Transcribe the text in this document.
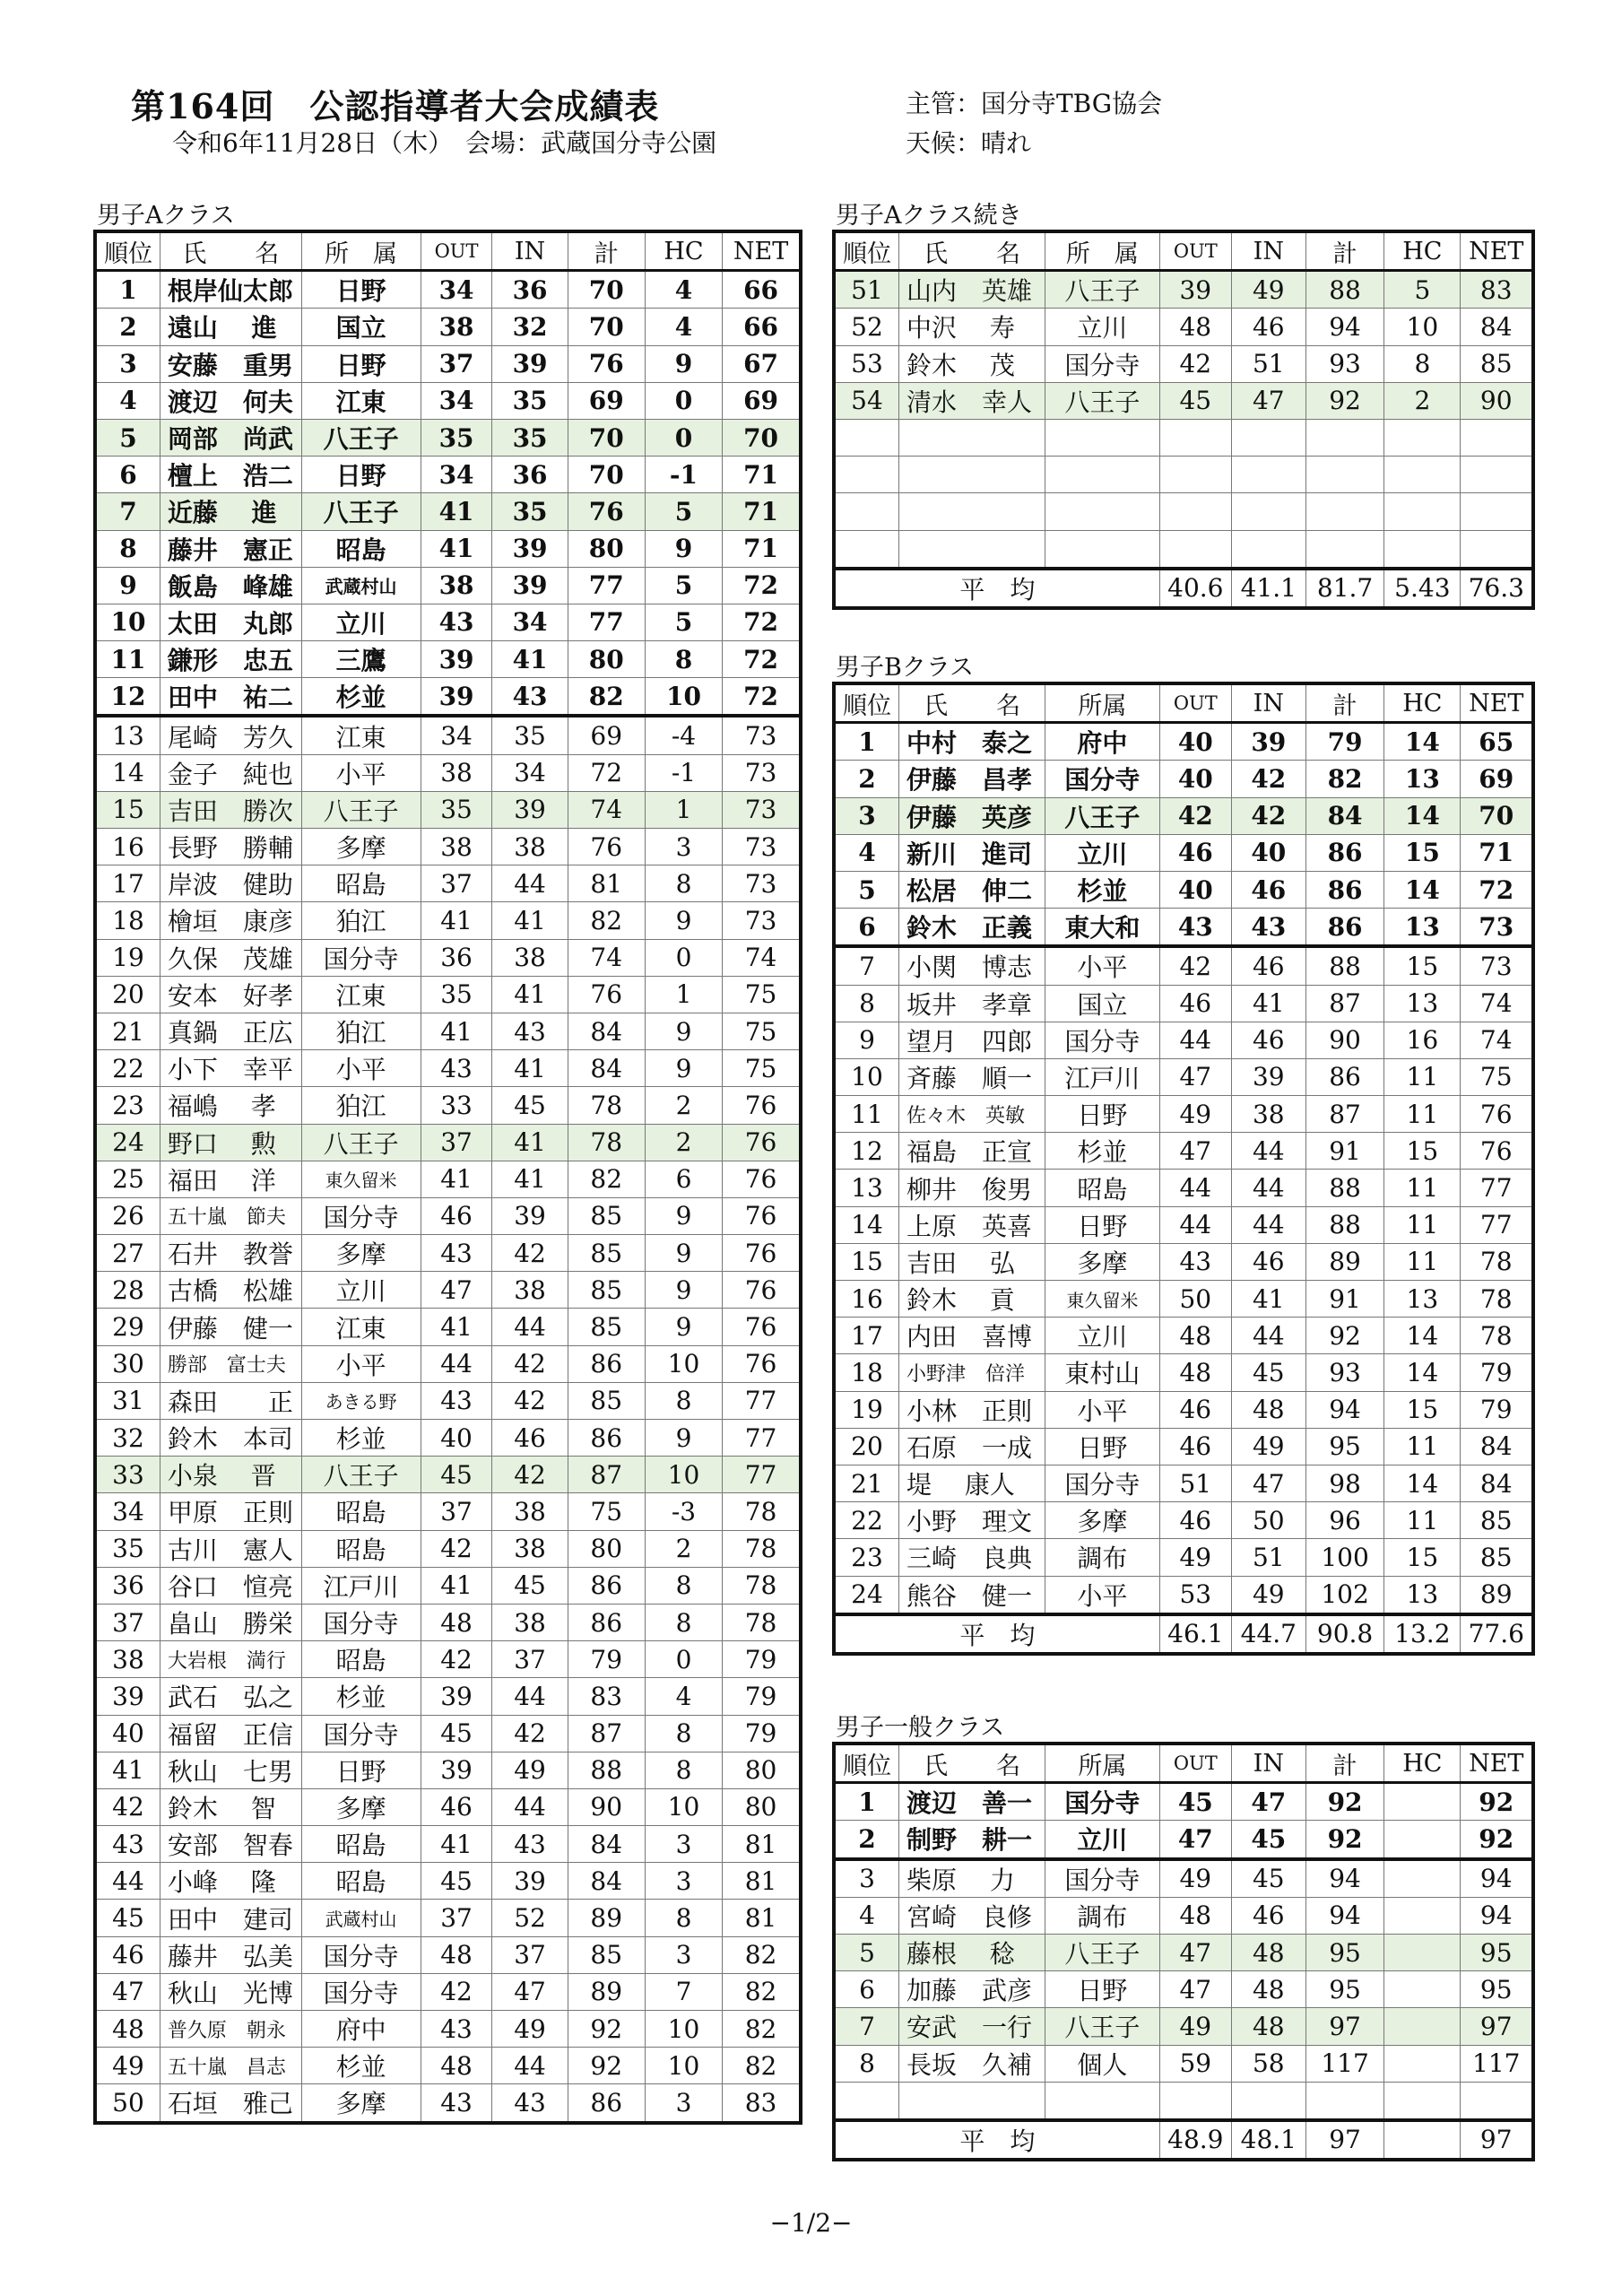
第164回　公認指導者大会成績表
令和6年11月28日（木）　会場：武蔵国分寺公園
主管：国分寺TBG協会
天候：晴れ
男子Aクラス
順位	氏　　名	所　属	OUT	IN	計	HC	NET
1	根岸仙太郎	日野	34	36	70	4	66
2	遠山　 進	国立	38	32	70	4	66
3	安藤　重男	日野	37	39	76	9	67
4	渡辺　何夫	江東	34	35	69	0	69
5	岡部　尚武	八王子	35	35	70	0	70
6	檀上　浩二	日野	34	36	70	-1	71
7	近藤　 進	八王子	41	35	76	5	71
8	藤井　憲正	昭島	41	39	80	9	71
9	飯島　峰雄	武蔵村山	38	39	77	5	72
10	太田　丸郎	立川	43	34	77	5	72
11	鎌形　忠五	三鷹	39	41	80	8	72
12	田中　祐二	杉並	39	43	82	10	72
13	尾崎　芳久	江東	34	35	69	-4	73
14	金子　純也	小平	38	34	72	-1	73
15	吉田　勝次	八王子	35	39	74	1	73
16	長野　勝輔	多摩	38	38	76	3	73
17	岸波　健助	昭島	37	44	81	8	73
18	檜垣　康彦	狛江	41	41	82	9	73
19	久保　茂雄	国分寺	36	38	74	0	74
20	安本　好孝	江東	35	41	76	1	75
21	真鍋　正広	狛江	41	43	84	9	75
22	小下　幸平	小平	43	41	84	9	75
23	福嶋　 孝	狛江	33	45	78	2	76
24	野口　 勲	八王子	37	41	78	2	76
25	福田　 洋	東久留米	41	41	82	6	76
26	五十嵐　節夫	国分寺	46	39	85	9	76
27	石井　教誉	多摩	43	42	85	9	76
28	古橋　松雄	立川	47	38	85	9	76
29	伊藤　健一	江東	41	44	85	9	76
30	勝部　富士夫	小平	44	42	86	10	76
31	森田　　正	あきる野	43	42	85	8	77
32	鈴木　本司	杉並	40	46	86	9	77
33	小泉　 晋	八王子	45	42	87	10	77
34	甲原　正則	昭島	37	38	75	-3	78
35	古川　憲人	昭島	42	38	80	2	78
36	谷口　愃亮	江戸川	41	45	86	8	78
37	畠山　勝栄	国分寺	48	38	86	8	78
38	大岩根　満行	昭島	42	37	79	0	79
39	武石　弘之	杉並	39	44	83	4	79
40	福留　正信	国分寺	45	42	87	8	79
41	秋山　七男	日野	39	49	88	8	80
42	鈴木　 智	多摩	46	44	90	10	80
43	安部　智春	昭島	41	43	84	3	81
44	小峰　 隆	昭島	45	39	84	3	81
45	田中　建司	武蔵村山	37	52	89	8	81
46	藤井　弘美	国分寺	48	37	85	3	82
47	秋山　光博	国分寺	42	47	89	7	82
48	普久原　朝永	府中	43	49	92	10	82
49	五十嵐　昌志	杉並	48	44	92	10	82
50	石垣　雅己	多摩	43	43	86	3	83
男子Aクラス続き
順位	氏　　名	所　属	OUT	IN	計	HC	NET
51	山内　英雄	八王子	39	49	88	5	83
52	中沢　 寿	立川	48	46	94	10	84
53	鈴木　 茂	国分寺	42	51	93	8	85
54	清水　幸人	八王子	45	47	92	2	90

平　均			40.6	41.1	81.7	5.43	76.3
男子Bクラス
順位	氏　　名	所属	OUT	IN	計	HC	NET
1	中村　泰之	府中	40	39	79	14	65
2	伊藤　昌孝	国分寺	40	42	82	13	69
3	伊藤　英彦	八王子	42	42	84	14	70
4	新川　進司	立川	46	40	86	15	71
5	松居　伸二	杉並	40	46	86	14	72
6	鈴木　正義	東大和	43	43	86	13	73
7	小関　博志	小平	42	46	88	15	73
8	坂井　孝章	国立	46	41	87	13	74
9	望月　四郎	国分寺	44	46	90	16	74
10	斉藤　順一	江戸川	47	39	86	11	75
11	佐々木　英敏	日野	49	38	87	11	76
12	福島　正宣	杉並	47	44	91	15	76
13	柳井　俊男	昭島	44	44	88	11	77
14	上原　英喜	日野	44	44	88	11	77
15	吉田　 弘	多摩	43	46	89	11	78
16	鈴木　 貢	東久留米	50	41	91	13	78
17	内田　喜博	立川	48	44	92	14	78
18	小野津　倍洋	東村山	48	45	93	14	79
19	小林　正則	小平	46	48	94	15	79
20	石原　一成	日野	46	49	95	11	84
21	堤　 康人	国分寺	51	47	98	14	84
22	小野　理文	多摩	46	50	96	11	85
23	三崎　良典	調布	49	51	100	15	85
24	熊谷　健一	小平	53	49	102	13	89
平　均			46.1	44.7	90.8	13.2	77.6
男子一般クラス
順位	氏　　名	所属	OUT	IN	計	HC	NET
1	渡辺　善一	国分寺	45	47	92		92
2	制野　耕一	立川	47	45	92		92
3	柴原　 力	国分寺	49	45	94		94
4	宮崎　良修	調布	48	46	94		94
5	藤根　 稔	八王子	47	48	95		95
6	加藤　武彦	日野	47	48	95		95
7	安武　一行	八王子	49	48	97		97
8	長坂　久補	個人	59	58	117		117

平　均			48.9	48.1	97		97
−1/2−
